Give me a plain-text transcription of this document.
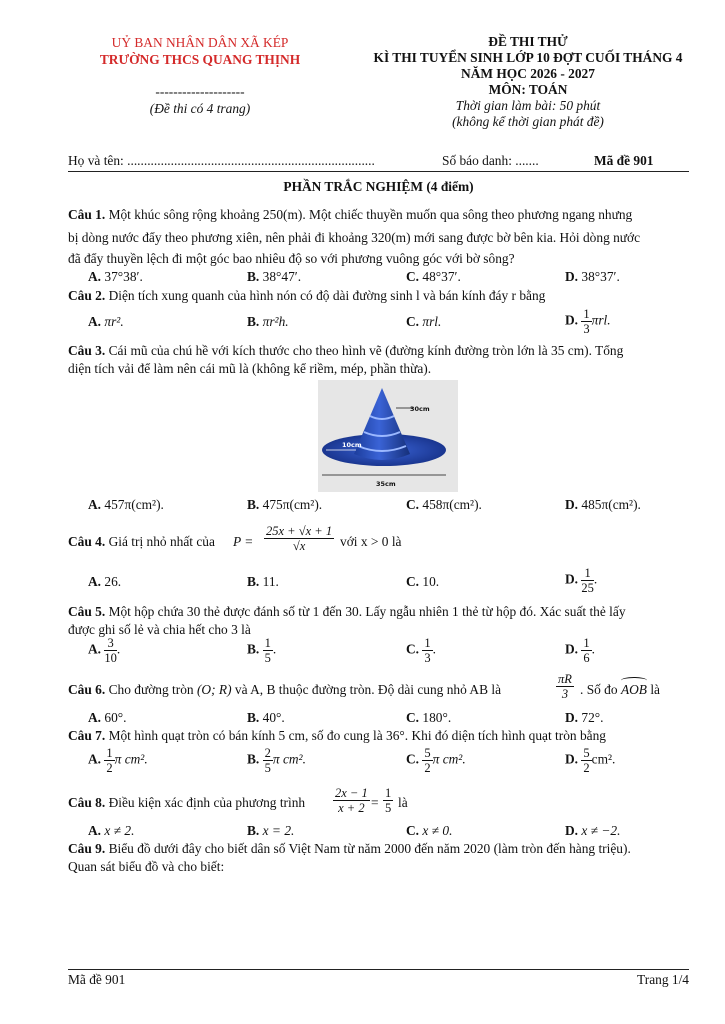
UỶ BAN NHÂN DÂN XÃ KÉP
TRƯỜNG THCS QUANG THỊNH
--------------------
(Đề thi có 4 trang)
ĐỀ THI THỬ
KÌ THI TUYỂN SINH LỚP 10 ĐỢT CUỐI THÁNG 4
NĂM HỌC 2026 - 2027
MÔN: TOÁN
Thời gian làm bài: 50 phút
(không kể thời gian phát đề)
Họ và tên: ..........................................................................	Số báo danh: .......	Mã đề 901
PHẦN TRẮC NGHIỆM (4 điểm)
Câu 1. Một khúc sông rộng khoảng 250(m). Một chiếc thuyền muốn qua sông theo phương ngang nhưng
bị dòng nước đẩy theo phương xiên, nên phải đi khoảng 320(m) mới sang được bờ bên kia. Hỏi dòng nước
đã đẩy thuyền lệch đi một góc bao nhiêu độ so với phương vuông góc với bờ sông?
A. 37°38′.	B. 38°47′.	C. 48°37′.	D. 38°37′.
Câu 2. Diện tích xung quanh của hình nón có độ dài đường sinh l và bán kính đáy r bằng
A. πr².	B. πr²h.	C. πrl.	D. $\frac{1}{3} \pi rl$.
Câu 3. Cái mũ của chú hề với kích thước cho theo hình vẽ (đường kính đường tròn lớn là 35 cm). Tổng
diện tích vải để làm nên cái mũ là (không kể riềm, mép, phần thừa).
30cm
10cm
35cm
A. 457π(cm²).	B. 475π(cm²).	C. 458π(cm²).	D. 485π(cm²).
Câu 4. Giá trị nhỏ nhất của $P = \frac{25x + √x + 1}{√x}$ với x > 0 là
A. 26.	B. 11.	C. 10.	D. $\frac{1}{25}$ .
Câu 5. Một hộp chứa 30 thẻ được đánh số từ 1 đến 30. Lấy ngẫu nhiên 1 thẻ từ hộp đó. Xác suất thẻ lấy
được ghi số lẻ và chia hết cho 3 là
A. $\frac{3}{10}$ .	B. $\frac{1}{5}$ .	C. $\frac{1}{3}$ .	D. $\frac{1}{6}$ .
Câu 6. Cho đường tròn (O; R) và A, B thuộc đường tròn. Độ dài cung nhỏ AB là	$\frac{\pi R}{3}$ . Số đo AOB là
A. 60°.	B. 40°.	C. 180°.	D. 72°.
Câu 7. Một hình quạt tròn có bán kính 5 cm, số đo cung là 36°. Khi đó diện tích hình quạt tròn bằng
A. $\frac{1}{2}$ π cm².	B. $\frac{2}{5}$ π cm².	C. $\frac{5}{2}$ π cm².	D. $\frac{5}{2} cm^2$.
Câu 8. Điều kiện xác định của phương trình $\frac{2x - 1}{x + 2} = \frac{1}{5}$ là
A. x ≠ 2.	B. x = 2.	C. x ≠ 0.	D. x ≠ −2.
Câu 9. Biểu đồ dưới đây cho biết dân số Việt Nam từ năm 2000 đến năm 2020 (làm tròn đến hàng triệu).
Quan sát biểu đồ và cho biết:
Mã đề 901	Trang 1/4
